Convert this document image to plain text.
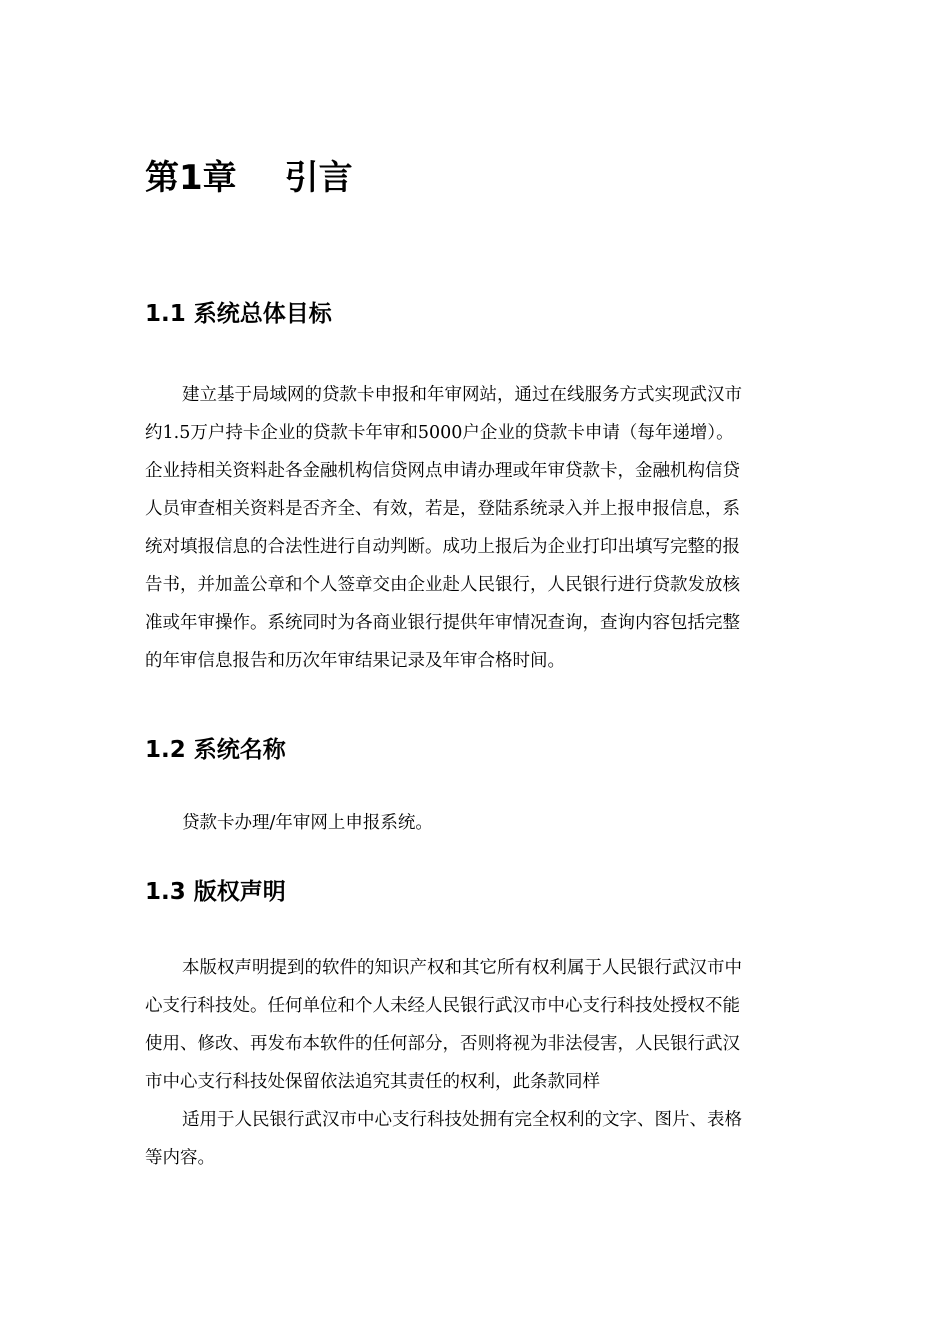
第1章 引言
1.1 系统总体目标
建立基于局域网的贷款卡申报和年审网站，通过在线服务方式实现武汉市
约1.5万户持卡企业的贷款卡年审和5000户企业的贷款卡申请（每年递增）。
企业持相关资料赴各金融机构信贷网点申请办理或年审贷款卡，金融机构信贷
人员审查相关资料是否齐全、有效，若是，登陆系统录入并上报申报信息，系
统对填报信息的合法性进行自动判断。成功上报后为企业打印出填写完整的报
告书，并加盖公章和个人签章交由企业赴人民银行，人民银行进行贷款发放核
准或年审操作。系统同时为各商业银行提供年审情况查询，查询内容包括完整
的年审信息报告和历次年审结果记录及年审合格时间。
1.2 系统名称
贷款卡办理/年审网上申报系统。
1.3 版权声明
本版权声明提到的软件的知识产权和其它所有权利属于人民银行武汉市中
心支行科技处。任何单位和个人未经人民银行武汉市中心支行科技处授权不能
使用、修改、再发布本软件的任何部分，否则将视为非法侵害，人民银行武汉
市中心支行科技处保留依法追究其责任的权利，此条款同样
适用于人民银行武汉市中心支行科技处拥有完全权利的文字、图片、表格
等内容。
